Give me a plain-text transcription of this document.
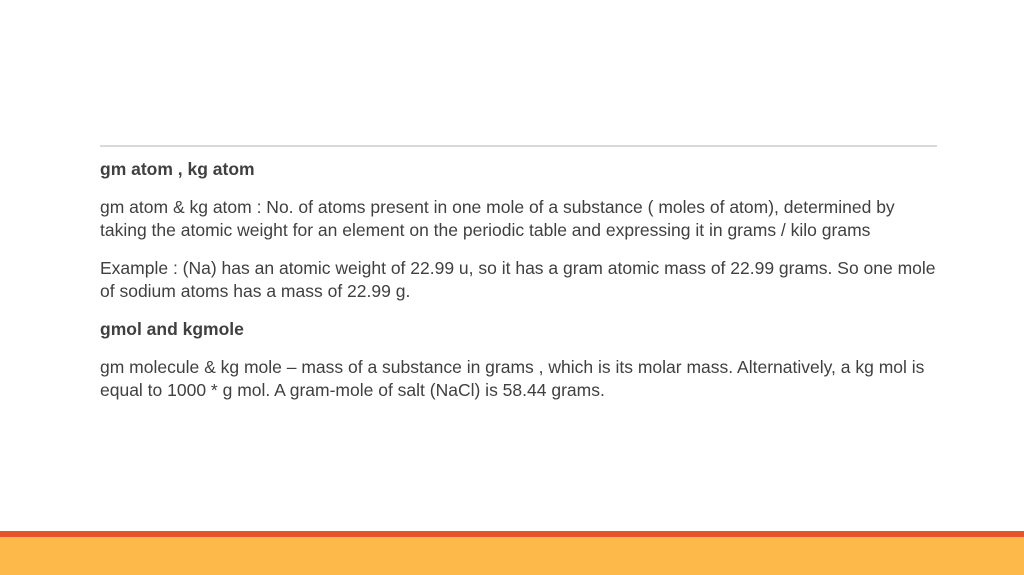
gm atom , kg atom

gm atom & kg atom : No. of atoms present in one mole of a substance ( moles of atom), determined by taking the atomic weight for an element on the periodic table and expressing it in grams / kilo grams

Example : (Na) has an atomic weight of 22.99 u, so it has a gram atomic mass of 22.99 grams. So one mole of sodium atoms has a mass of 22.99 g.

gmol and kgmole

gm molecule & kg mole – mass of a substance in grams , which is its molar mass. Alternatively, a kg mol is equal to 1000 * g mol. A gram-mole of salt (NaCl) is 58.44 grams.
